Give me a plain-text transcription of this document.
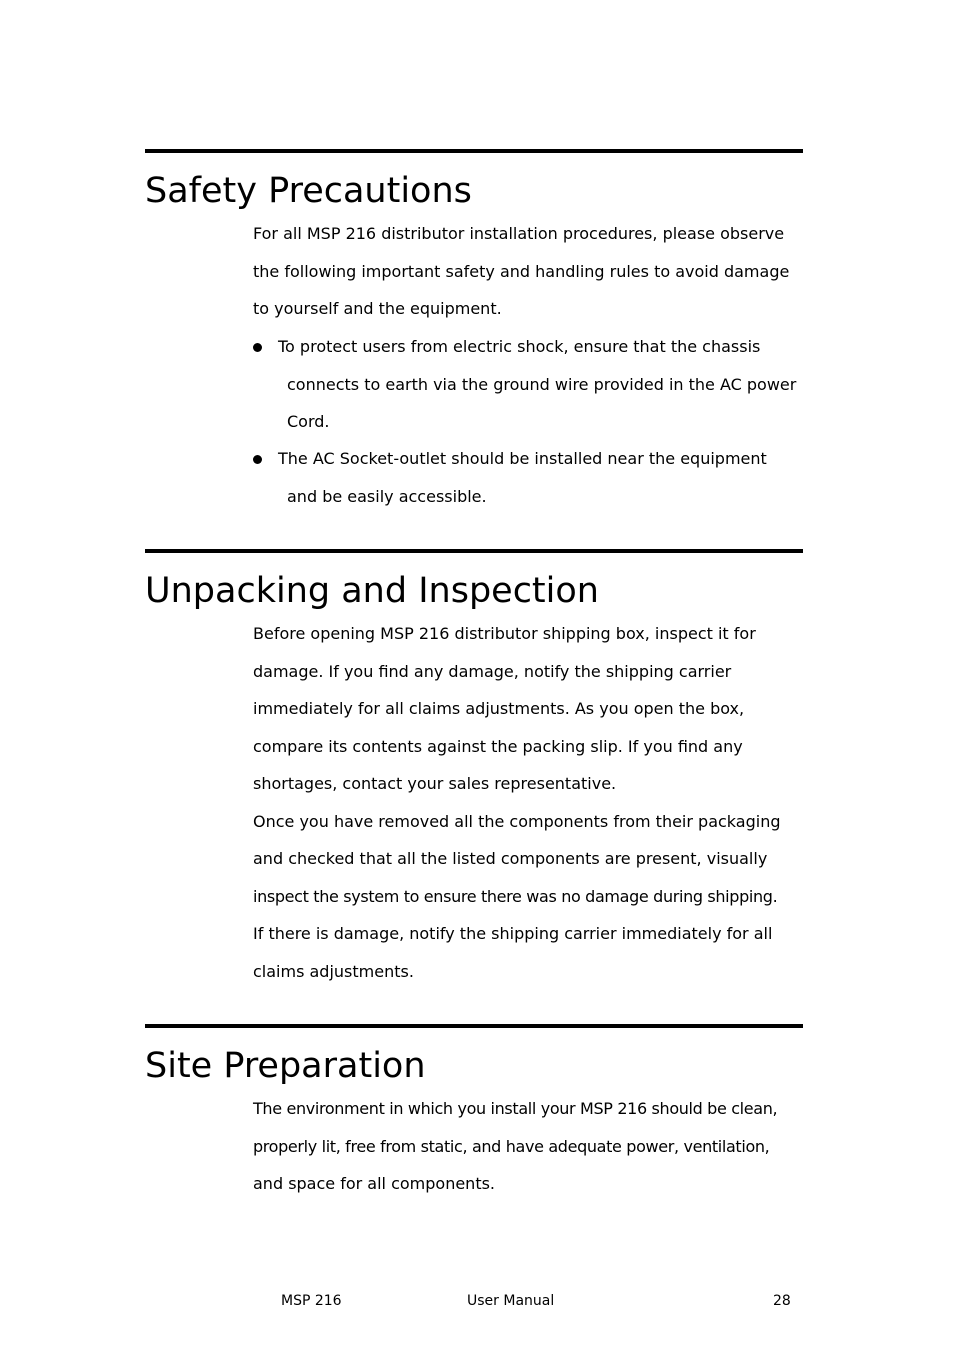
Safety Precautions

For all MSP 216 distributor installation procedures, please observe
the following important safety and handling rules to avoid damage
to yourself and the equipment.

To protect users from electric shock, ensure that the chassis
connects to earth via the ground wire provided in the AC power
Cord.
The AC Socket-outlet should be installed near the equipment
and be easily accessible.
Unpacking and Inspection

Before opening MSP 216 distributor shipping box, inspect it for
damage. If you find any damage, notify the shipping carrier
immediately for all claims adjustments. As you open the box,
compare its contents against the packing slip. If you find any
shortages, contact your sales representative.
Once you have removed all the components from their packaging
and checked that all the listed components are present, visually
inspect the system to ensure there was no damage during shipping.
If there is damage, notify the shipping carrier immediately for all
claims adjustments.

Site Preparation

The environment in which you install your MSP 216 should be clean,
properly lit, free from static, and have adequate power, ventilation,
and space for all components.

MSP 216	User Manual	28
